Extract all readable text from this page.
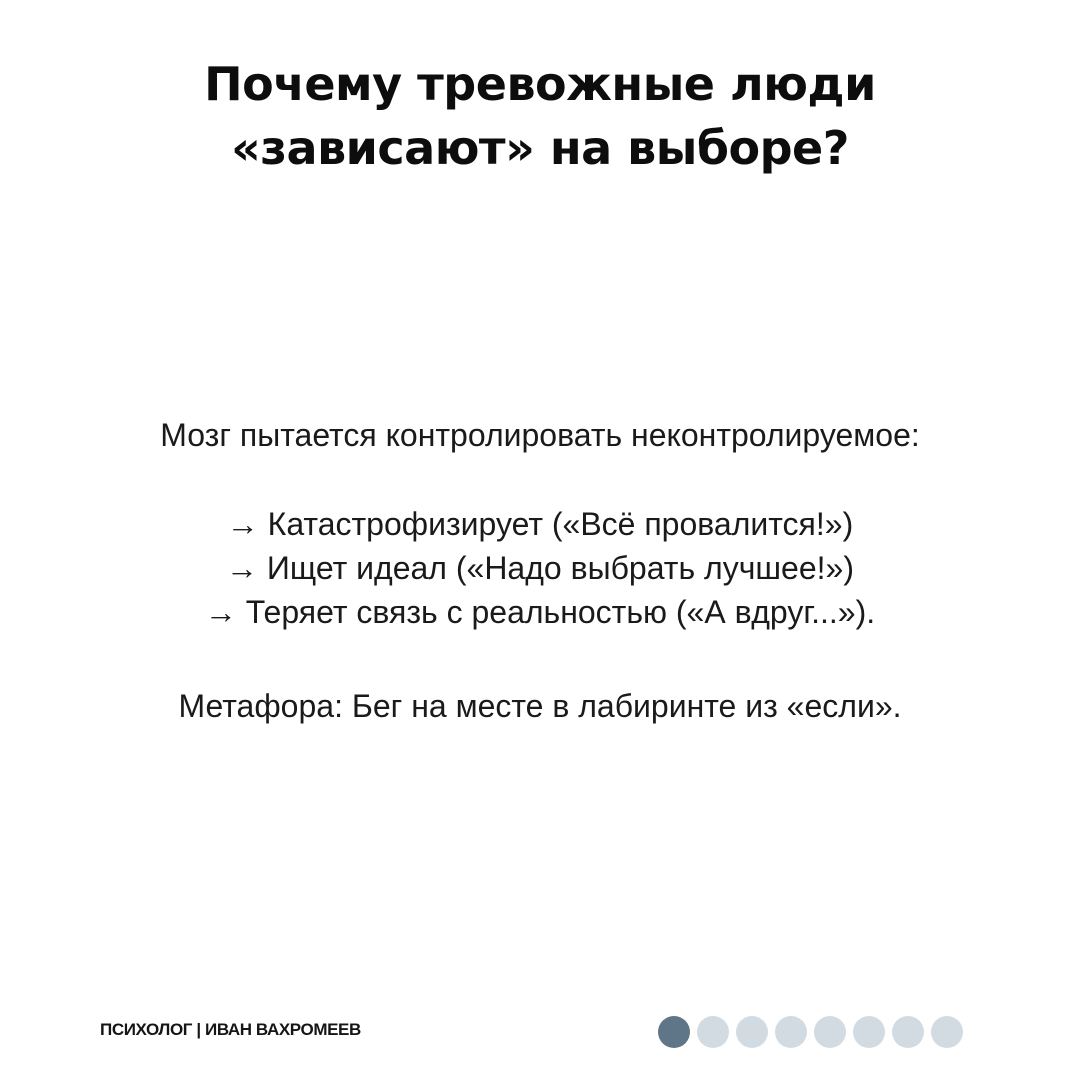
Почему тревожные люди
«зависают» на выборе?
Мозг пытается контролировать неконтролируемое:
→ Катастрофизирует («Всё провалится!»)
→ Ищет идеал («Надо выбрать лучшее!»)
→ Теряет связь с реальностью («А вдруг...»).
Метафора: Бег на месте в лабиринте из «если».
ПСИХОЛОГ | ИВАН ВАХРОМЕЕВ
